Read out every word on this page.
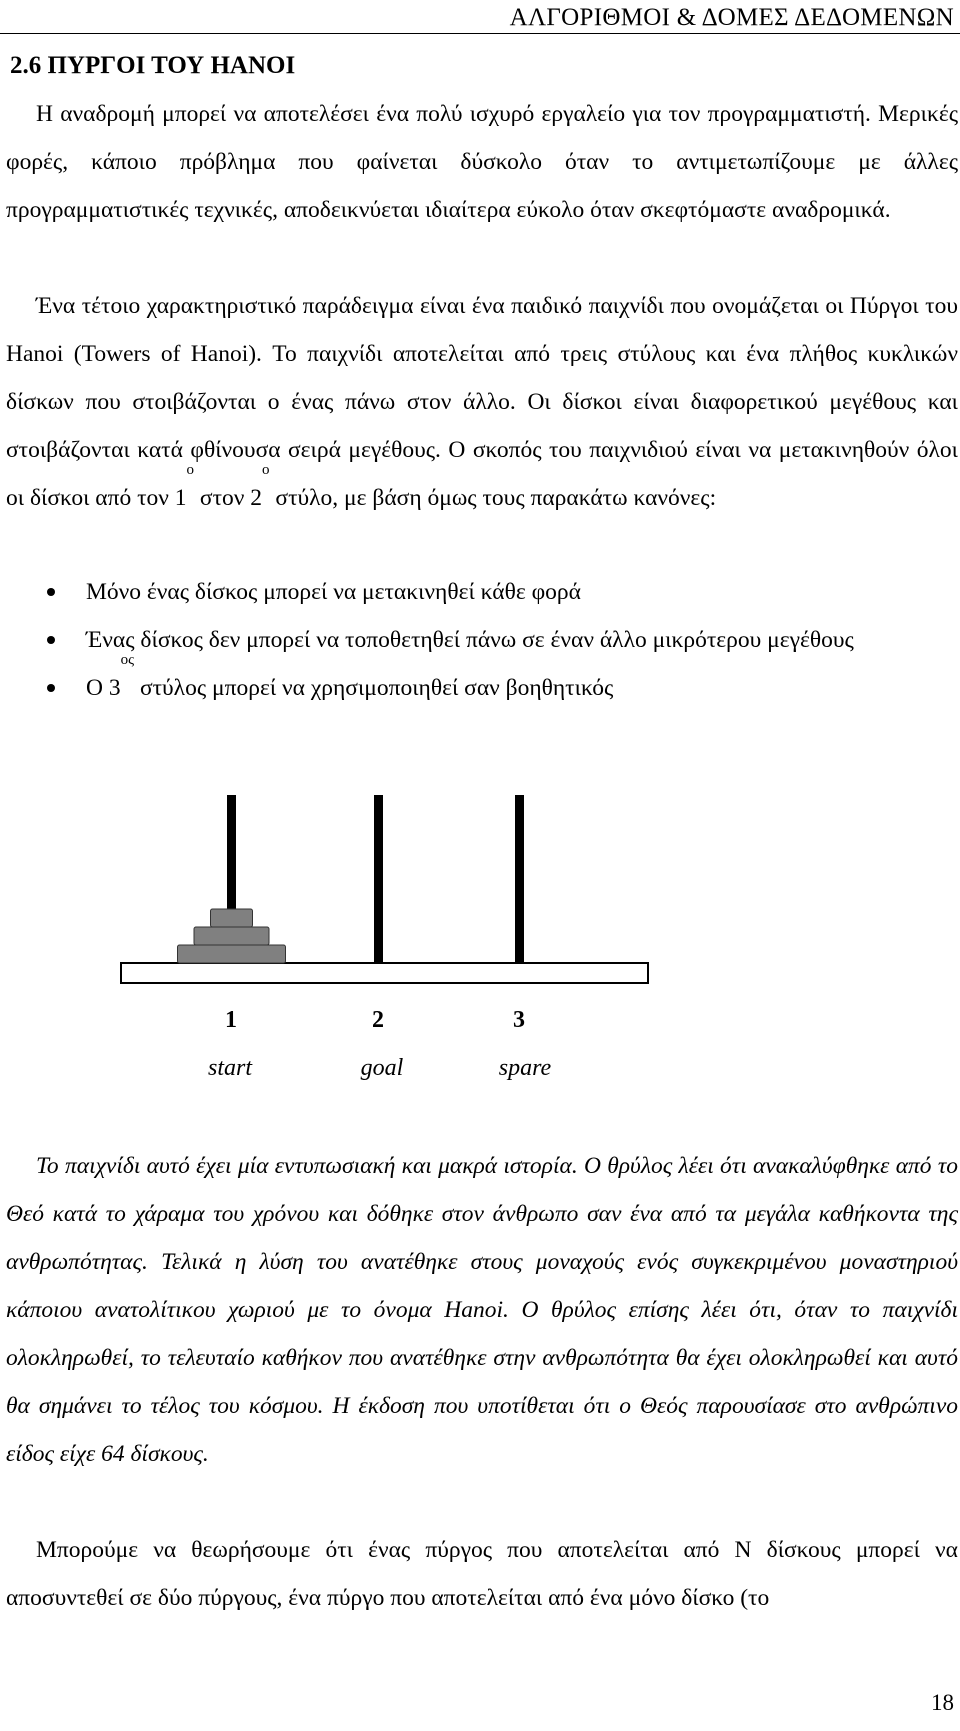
ΑΛΓΟΡΙΘΜΟΙ & ΔΟΜΕΣ ΔΕΔΟΜΕΝΩΝ
2.6 ΠΥΡΓΟΙ ΤΟΥ ΗΑΝΟΙ

Η αναδρομή μπορεί να αποτελέσει ένα πολύ ισχυρό εργαλείο για τον προγραμματιστή. Μερικές φορές, κάποιο πρόβλημα που φαίνεται δύσκολο όταν το αντιμετωπίζουμε με άλλες προγραμματιστικές τεχνικές, αποδεικνύεται ιδιαίτερα εύκολο όταν σκεφτόμαστε αναδρομικά.

Ένα τέτοιο χαρακτηριστικό παράδειγμα είναι ένα παιδικό παιχνίδι που ονομάζεται οι Πύργοι του Hanoi (Towers of Hanoi). Το παιχνίδι αποτελείται από τρεις στύλους και ένα πλήθος κυκλικών δίσκων που στοιβάζονται ο ένας πάνω στον άλλο. Οι δίσκοι είναι διαφορετικού μεγέθους και στοιβάζονται κατά φθίνουσα σειρά μεγέθους. Ο σκοπός του παιχνιδιού είναι να μετακινηθούν όλοι οι δίσκοι από τον $1^o$ στον $2^o$ στύλο, με βάση όμως τους παρακάτω κανόνες:

Μόνο ένας δίσκος μπορεί να μετακινηθεί κάθε φορά
Ένας δίσκος δεν μπορεί να τοποθετηθεί πάνω σε έναν άλλο μικρότερου μεγέθους
Ο $3^{o\varsigma}$ στύλος μπορεί να χρησιμοποιηθεί σαν βοηθητικός
1	2	3
start	goal	spare

Το παιχνίδι αυτό έχει μία εντυπωσιακή και μακρά ιστορία. Ο θρύλος λέει ότι ανακαλύφθηκε από το Θεό κατά το χάραμα του χρόνου και δόθηκε στον άνθρωπο σαν ένα από τα μεγάλα καθήκοντα της ανθρωπότητας. Τελικά η λύση του ανατέθηκε στους μοναχούς ενός συγκεκριμένου μοναστηριού κάποιου ανατολίτικου χωριού με το όνομα Hanoi. Ο θρύλος επίσης λέει ότι, όταν το παιχνίδι ολοκληρωθεί, το τελευταίο καθήκον που ανατέθηκε στην ανθρωπότητα θα έχει ολοκληρωθεί και αυτό θα σημάνει το τέλος του κόσμου. Η έκδοση που υποτίθεται ότι ο Θεός παρουσίασε στο ανθρώπινο είδος είχε 64 δίσκους.

Μπορούμε να θεωρήσουμε ότι ένας πύργος που αποτελείται από Ν δίσκους μπορεί να αποσυντεθεί σε δύο πύργους, ένα πύργο που αποτελείται από ένα μόνο δίσκο (το

18
